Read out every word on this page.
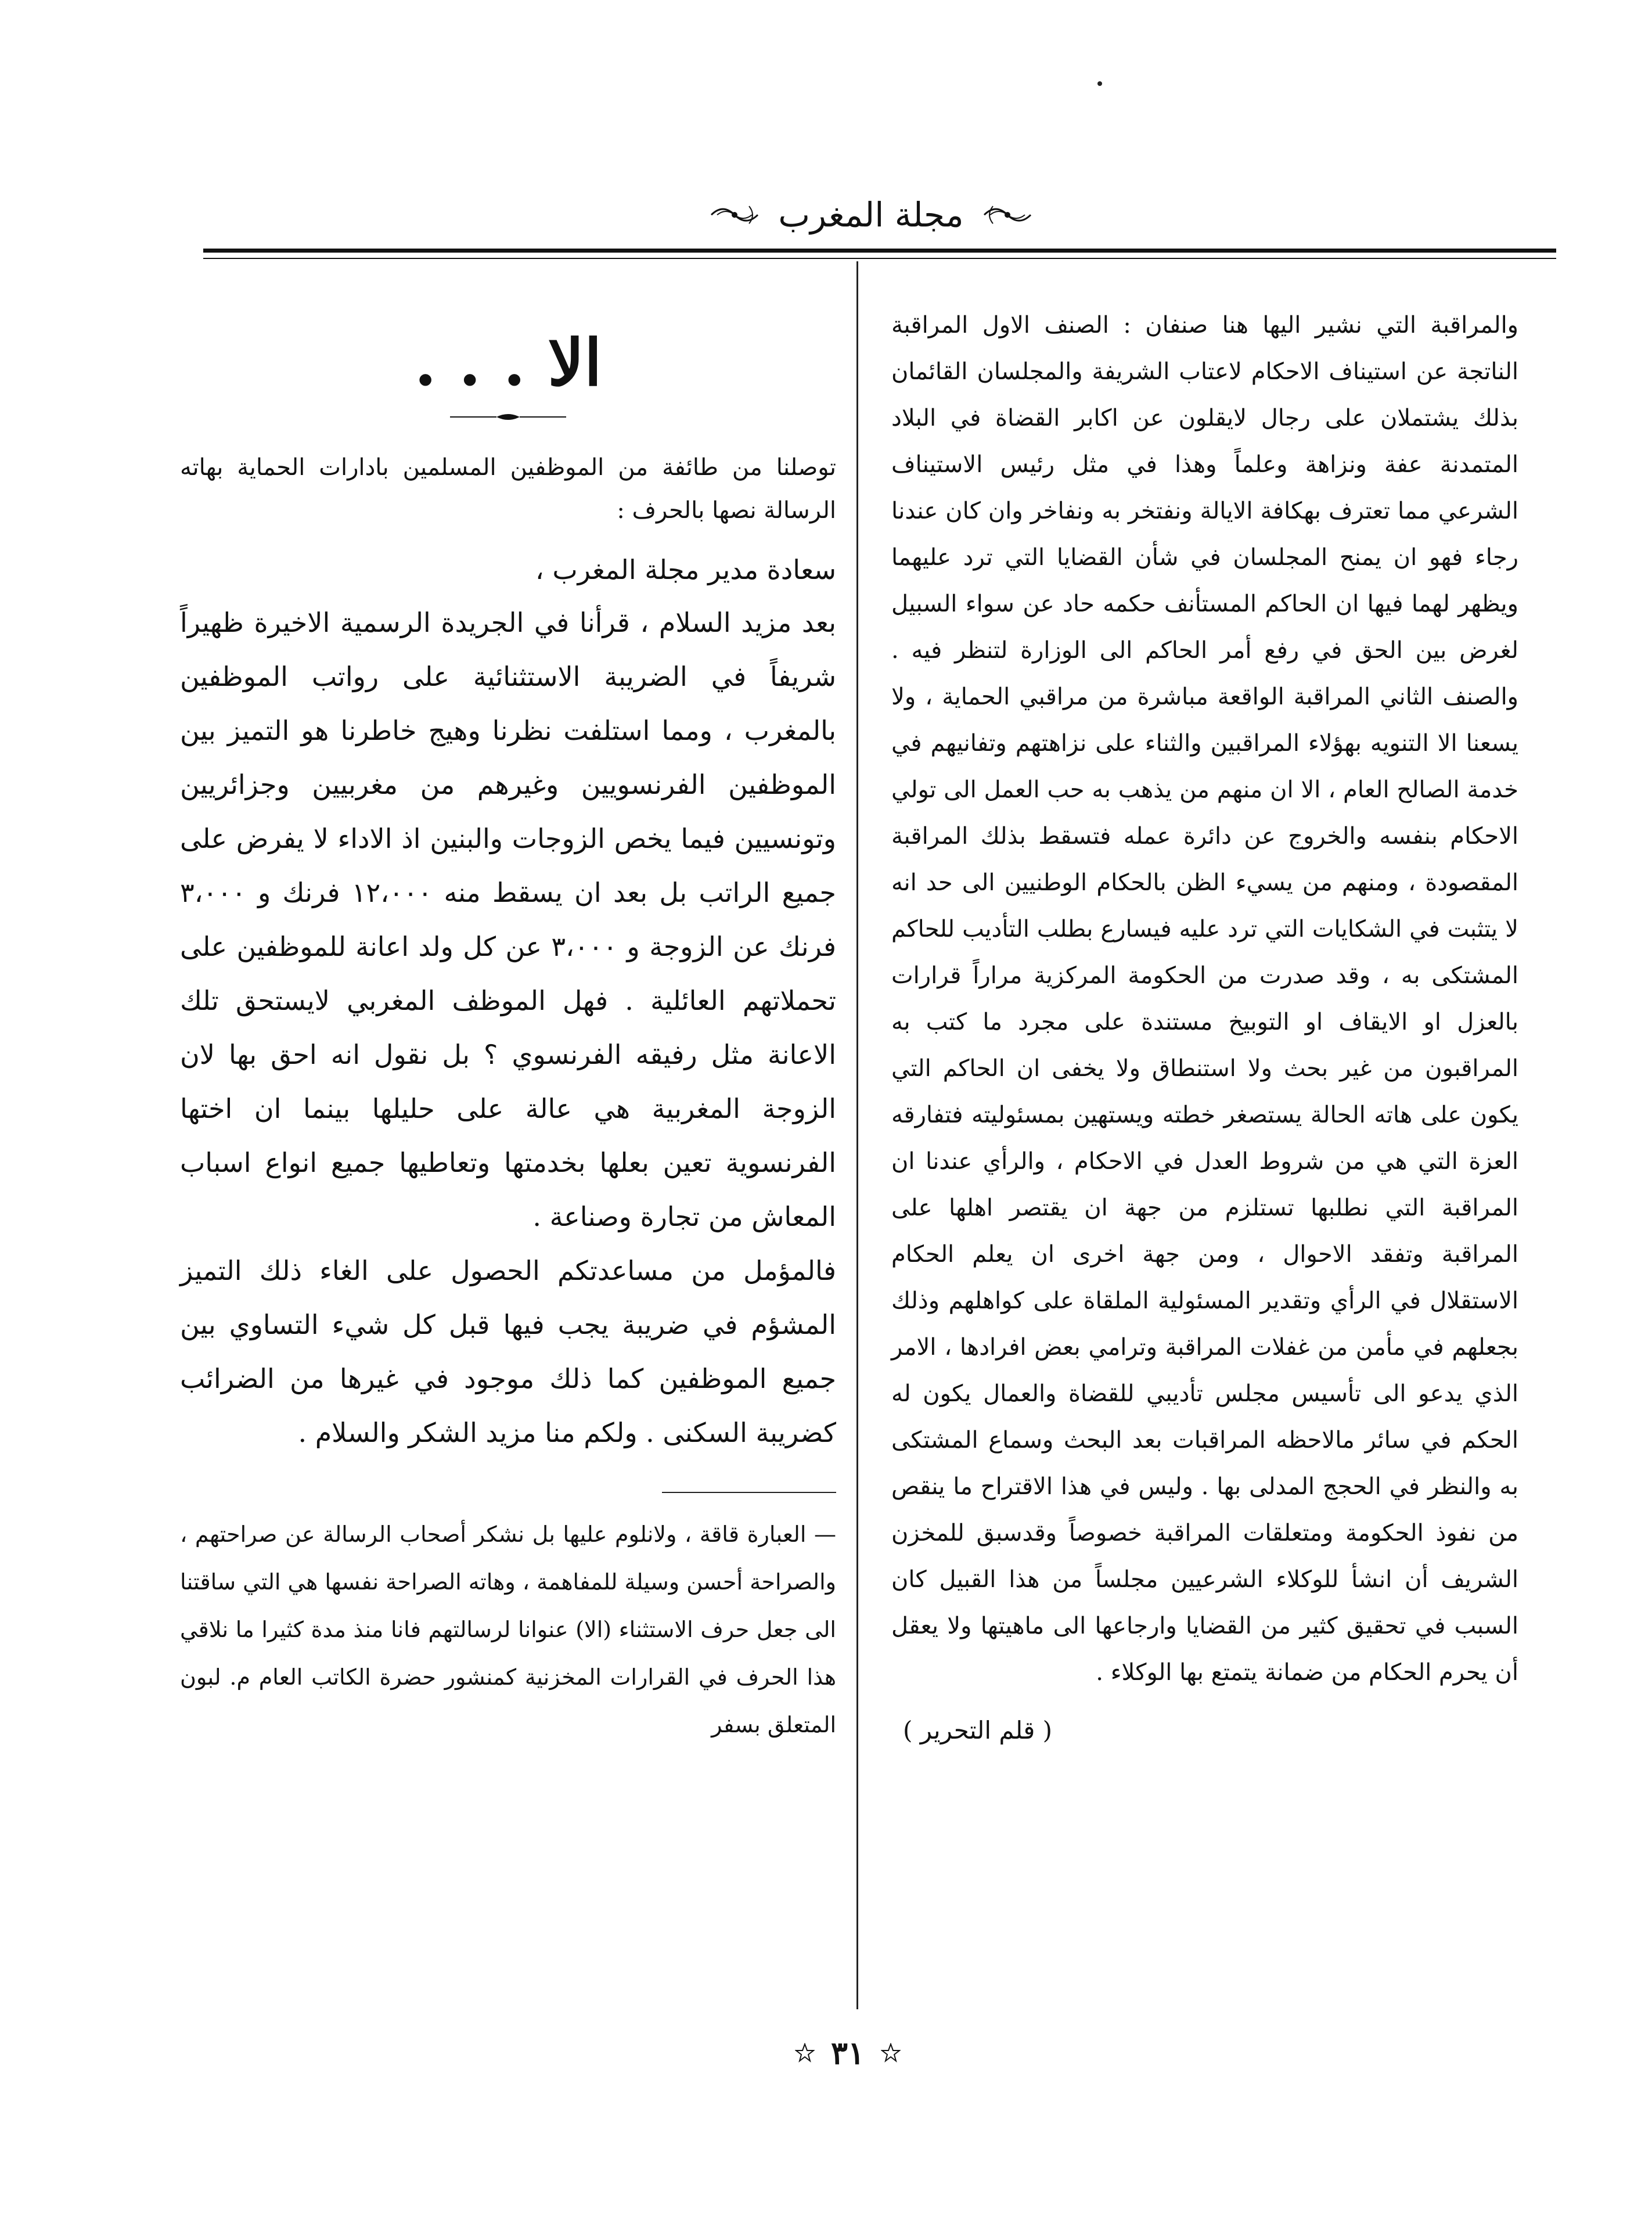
مجلة المغرب

والمراقبة التي نشير اليها هنا صنفان : الصنف الاول المراقبة الناتجة عن استيناف الاحكام لاعتاب الشريفة والمجلسان القائمان بذلك يشتملان على رجال لايقلون عن اكابر القضاة في البلاد المتمدنة عفة ونزاهة وعلماً وهذا في مثل رئيس الاستيناف الشرعي مما تعترف بهكافة الايالة ونفتخر به ونفاخر وان كان عندنا رجاء فهو ان يمنح المجلسان في شأن القضايا التي ترد عليهما ويظهر لهما فيها ان الحاكم المستأنف حكمه حاد عن سواء السبيل لغرض بين الحق في رفع أمر الحاكم الى الوزارة لتنظر فيه . والصنف الثاني المراقبة الواقعة مباشرة من مراقبي الحماية ، ولا يسعنا الا التنويه بهؤلاء المراقبين والثناء على نزاهتهم وتفانيهم في خدمة الصالح العام ، الا ان منهم من يذهب به حب العمل الى تولي الاحكام بنفسه والخروج عن دائرة عمله فتسقط بذلك المراقبة المقصودة ، ومنهم من يسيء الظن بالحكام الوطنيين الى حد انه لا يتثبت في الشكايات التي ترد عليه فيسارع بطلب التأديب للحاكم المشتكى به ، وقد صدرت من الحكومة المركزية مراراً قرارات بالعزل او الايقاف او التوبيخ مستندة على مجرد ما كتب به المراقبون من غير بحث ولا استنطاق ولا يخفى ان الحاكم التي يكون على هاته الحالة يستصغر خطته ويستهين بمسئوليته فتفارقه العزة التي هي من شروط العدل في الاحكام ، والرأي عندنا ان المراقبة التي نطلبها تستلزم من جهة ان يقتصر اهلها على المراقبة وتفقد الاحوال ، ومن جهة اخرى ان يعلم الحكام الاستقلال في الرأي وتقدير المسئولية الملقاة على كواهلهم وذلك بجعلهم في مأمن من غفلات المراقبة وترامي بعض افرادها ، الامر الذي يدعو الى تأسيس مجلس تأديبي للقضاة والعمال يكون له الحكم في سائر مالاحظه المراقبات بعد البحث وسماع المشتكى به والنظر في الحجج المدلى بها . وليس في هذا الاقتراح ما ينقص من نفوذ الحكومة ومتعلقات المراقبة خصوصاً وقدسبق للمخزن الشريف أن انشأ للوكلاء الشرعيين مجلساً من هذا القبيل كان السبب في تحقيق كثير من القضايا وارجاعها الى ماهيتها ولا يعقل أن يحرم الحكام من ضمانة يتمتع بها الوكلاء .

( قلم التحرير )

الا . . .

توصلنا من طائفة من الموظفين المسلمين بادارات الحماية بهاته الرسالة نصها بالحرف :

سعادة مدير مجلة المغرب ،

بعد مزيد السلام ، قرأنا في الجريدة الرسمية الاخيرة ظهيراً شريفاً في الضريبة الاستثنائية على رواتب الموظفين بالمغرب ، ومما استلفت نظرنا وهيج خاطرنا هو التميز بين الموظفين الفرنسويين وغيرهم من مغربيين وجزائريين وتونسيين فيما يخص الزوجات والبنين اذ الاداء لا يفرض على جميع الراتب بل بعد ان يسقط منه ١٢،٠٠٠ فرنك و ٣،٠٠٠ فرنك عن الزوجة و ٣،٠٠٠ عن كل ولد اعانة للموظفين على تحملاتهم العائلية . فهل الموظف المغربي لايستحق تلك الاعانة مثل رفيقه الفرنسوي ؟ بل نقول انه احق بها لان الزوجة المغربية هي عالة على حليلها بينما ان اختها الفرنسوية تعين بعلها بخدمتها وتعاطيها جميع انواع اسباب المعاش من تجارة وصناعة .

فالمؤمل من مساعدتكم الحصول على الغاء ذلك التميز المشؤم في ضريبة يجب فيها قبل كل شيء التساوي بين جميع الموظفين كما ذلك موجود في غيرها من الضرائب كضريبة السكنى . ولكم منا مزيد الشكر والسلام .

— العبارة قاقة ، ولانلوم عليها بل نشكر أصحاب الرسالة عن صراحتهم ، والصراحة أحسن وسيلة للمفاهمة ، وهاته الصراحة نفسها هي التي ساقتنا الى جعل حرف الاستثناء (الا) عنوانا لرسالتهم فانا منذ مدة كثيرا ما نلاقي هذا الحرف في القرارات المخزنية كمنشور حضرة الكاتب العام م. لبون المتعلق بسفر

٣١
